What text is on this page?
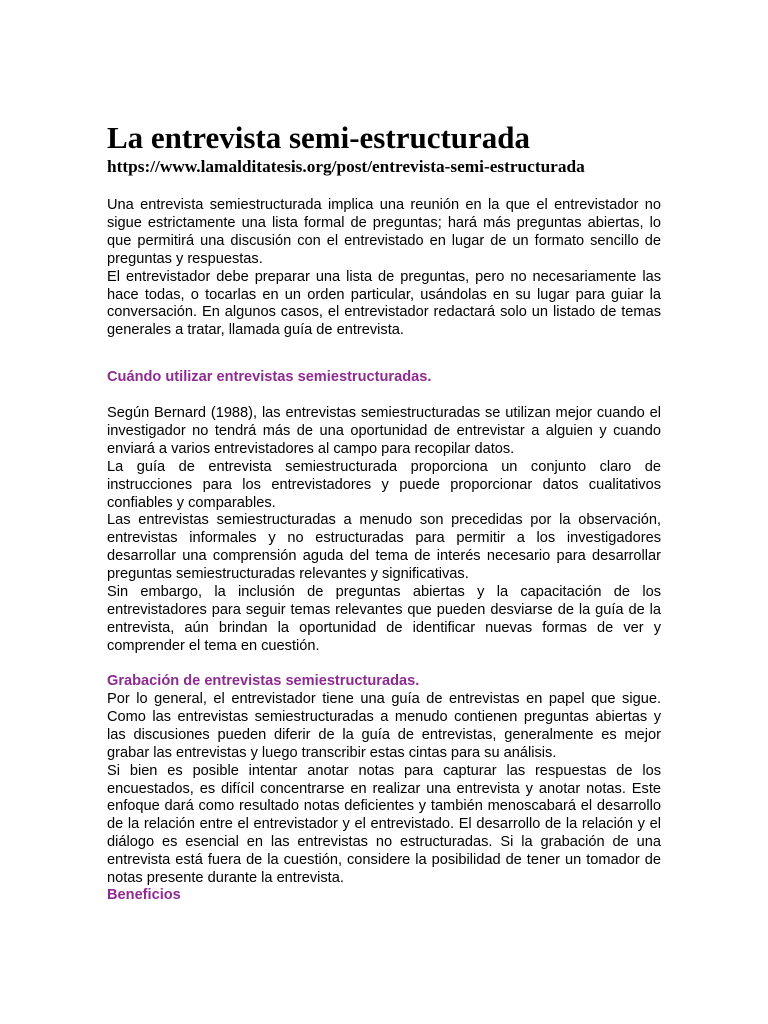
La entrevista semi-estructurada
https://www.lamalditatesis.org/post/entrevista-semi-estructurada

Una entrevista semiestructurada implica una reunión en la que el entrevistador no sigue estrictamente una lista formal de preguntas; hará más preguntas abiertas, lo que permitirá una discusión con el entrevistado en lugar de un formato sencillo de preguntas y respuestas.

El entrevistador debe preparar una lista de preguntas, pero no necesariamente las hace todas, o tocarlas en un orden particular, usándolas en su lugar para guiar la conversación. En algunos casos, el entrevistador redactará solo un listado de temas generales a tratar, llamada guía de entrevista.

Cuándo utilizar entrevistas semiestructuradas.

Según Bernard (1988), las entrevistas semiestructuradas se utilizan mejor cuando el investigador no tendrá más de una oportunidad de entrevistar a alguien y cuando enviará a varios entrevistadores al campo para recopilar datos.

La guía de entrevista semiestructurada proporciona un conjunto claro de instrucciones para los entrevistadores y puede proporcionar datos cualitativos confiables y comparables.

Las entrevistas semiestructuradas a menudo son precedidas por la observación, entrevistas informales y no estructuradas para permitir a los investigadores desarrollar una comprensión aguda del tema de interés necesario para desarrollar preguntas semiestructuradas relevantes y significativas.

Sin embargo, la inclusión de preguntas abiertas y la capacitación de los entrevistadores para seguir temas relevantes que pueden desviarse de la guía de la entrevista, aún brindan la oportunidad de identificar nuevas formas de ver y comprender el tema en cuestión.

Grabación de entrevistas semiestructuradas.

Por lo general, el entrevistador tiene una guía de entrevistas en papel que sigue. Como las entrevistas semiestructuradas a menudo contienen preguntas abiertas y las discusiones pueden diferir de la guía de entrevistas, generalmente es mejor grabar las entrevistas y luego transcribir estas cintas para su análisis.

Si bien es posible intentar anotar notas para capturar las respuestas de los encuestados, es difícil concentrarse en realizar una entrevista y anotar notas. Este enfoque dará como resultado notas deficientes y también menoscabará el desarrollo de la relación entre el entrevistador y el entrevistado. El desarrollo de la relación y el diálogo es esencial en las entrevistas no estructuradas. Si la grabación de una entrevista está fuera de la cuestión, considere la posibilidad de tener un tomador de notas presente durante la entrevista.

Beneficios
